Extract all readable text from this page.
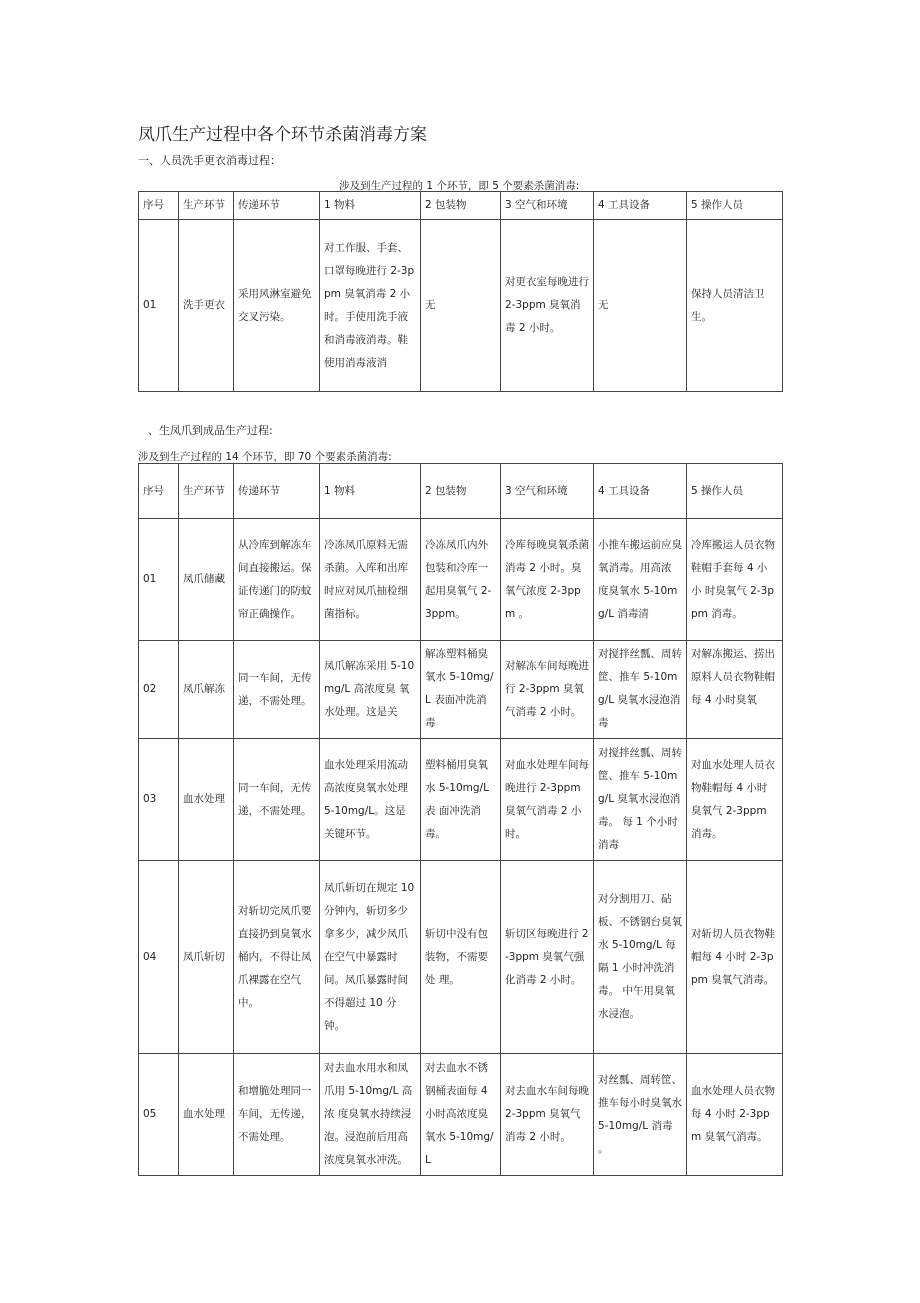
凤爪生产过程中各个环节杀菌消毒方案
一、人员洗手更衣消毒过程：
涉及到生产过程的 1 个环节，即 5 个要素杀菌消毒:
序号	生产环节	传递环节	1 物料	2 包装物	3 空气和环境	4 工具设备	5 操作人员
01	洗手更衣	采用风淋室避免交叉污染。	对工作服、手套、口罩每晚进行 2-3ppm 臭氧消毒 2 小时。手使用洗手液和消毒液消毒。鞋使用消毒液消	无	对更衣室每晚进行 2-3ppm 臭氧消毒 2 小时。	无	保持人员清洁卫生。
、生凤爪到成品生产过程:
涉及到生产过程的 14 个环节，即 70 个要素杀菌消毒:
序号	生产环节	传递环节	1 物料	2 包装物	3 空气和环境	4 工具设备	5 操作人员
01	凤爪储藏	从冷库到解冻车间直接搬运。保证传递门的防蚊帘正确操作。	冷冻凤爪原料无需杀菌。入库和出库时应对凤爪抽检细菌指标。	冷冻凤爪内外包装和冷库一起用臭氧气 2-3ppm。	冷库每晚臭氧杀菌消毒 2 小时。臭 氧气浓度 2-3ppm 。	小推车搬运前应臭氧消毒。用高浓 度臭氧水 5-10mg/L 消毒清	冷库搬运人员衣物鞋帽手套每 4 小 小 时臭氧气 2-3ppm 消毒。
02	凤爪解冻	同一车间，无传递，不需处理。	凤爪解冻采用 5-10mg/L 高浓度臭 氧水处理。这是关	解冻塑料桶臭氧水 5-10mg/L 表面冲洗消毒	对解冻车间每晚进行 2-3ppm 臭氧气消毒 2 小时。	对搅拌丝瓢、周转 筐、推车 5-10mg/L 臭氧水浸泡消毒	对解冻搬运、捞出 原料人员衣物鞋帽每 4 小时臭氧
03	血水处理	同一车间，无传递，不需处理。	血水处理采用流动高浓度臭氧水处理 5-10mg/L。这是关键环节。	塑料桶用臭氧水 5-10mg/L 表 面冲洗消毒。	对血水处理车间每晚进行 2-3ppm 臭氧气消毒 2 小时。	对搅拌丝瓢、周转 筐、推车 5-10mg/L 臭氧水浸泡消毒。 每 1 个小时消毒	对血水处理人员衣物鞋帽每 4 小时 臭氧气 2-3ppm 消毒。
04	凤爪斩切	对斩切完凤爪要直接扔到臭氧水桶内，不得让凤爪裸露在空气中。	凤爪斩切在规定 10 分钟内，斩切多少拿多少，减少凤爪在空气中暴露时 间。凤爪暴露时间 不得超过 10 分钟。	斩切中没有包装物，不需要处 理。	斩切区每晚进行 2-3ppm 臭氧气强化消毒 2 小时。	对分割用刀、砧板、不锈钢台臭氧 水 5-10mg/L 每隔 1 小时冲洗消毒。 中午用臭氧水浸泡。	对斩切人员衣物鞋帽每 4 小时 2-3ppm 臭氧气消毒。
05	血水处理	和增脆处理同一车间，无传递，不需处理。	对去血水用水和凤爪用 5-10mg/L 高浓 度臭氧水持续浸泡。浸泡前后用高浓度臭氧水冲洗。	对去血水不锈钢桶表面每 4 小时高浓度臭氧水 5-10mg/L	对去血水车间每晚 2-3ppm 臭氧气消毒 2 小时。	对丝瓢、周转筐、 推车每小时臭氧水 5-10mg/L 消毒 。	血水处理人员衣物每 4 小时 2-3ppm 臭氧气消毒。
